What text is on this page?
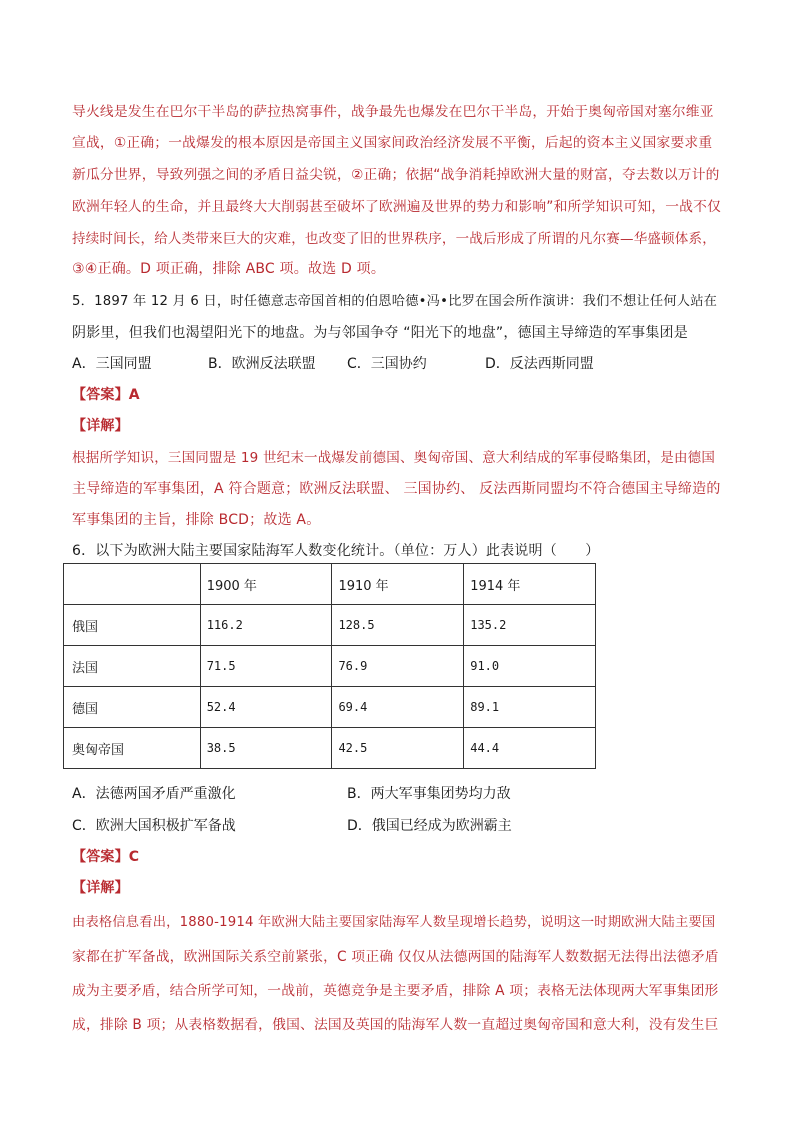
导火线是发生在巴尔干半岛的萨拉热窝事件，战争最先也爆发在巴尔干半岛，开始于奥匈帝国对塞尔维亚
宣战，①正确；一战爆发的根本原因是帝国主义国家间政治经济发展不平衡，后起的资本主义国家要求重
新瓜分世界，导致列强之间的矛盾日益尖锐，②正确；依据“战争消耗掉欧洲大量的财富，夺去数以万计的
欧洲年轻人的生命，并且最终大大削弱甚至破坏了欧洲遍及世界的势力和影响”和所学知识可知，一战不仅
持续时间长，给人类带来巨大的灾难，也改变了旧的世界秩序，一战后形成了所谓的凡尔赛—华盛顿体系，
③④正确。D 项正确，排除 ABC 项。故选 D 项。
5．1897 年 12 月 6 日，时任德意志帝国首相的伯恩哈德•冯•比罗在国会所作演讲：我们不想让任何人站在
阴影里，但我们也渴望阳光下的地盘。为与邻国争夺 “阳光下的地盘”，德国主导缔造的军事集团是
A．三国同盟	B．欧洲反法联盟 C．三国协约	D．反法西斯同盟
【答案】A
【详解】
根据所学知识，三国同盟是 19 世纪末一战爆发前德国、奥匈帝国、意大利结成的军事侵略集团，是由德国
主导缔造的军事集团，A 符合题意；欧洲反法联盟、 三国协约、 反法西斯同盟均不符合德国主导缔造的
军事集团的主旨，排除 BCD；故选 A。
6．以下为欧洲大陆主要国家陆海军人数变化统计。（单位：万人）此表说明（　　）
	1900 年	1910 年	1914 年
俄国	116.2	128.5	135.2
法国	71.5	76.9	91.0
德国	52.4	69.4	89.1
奥匈帝国	38.5	42.5	44.4
A．法德两国矛盾严重激化	B．两大军事集团势均力敌
C．欧洲大国积极扩军备战	D．俄国已经成为欧洲霸主
【答案】C
【详解】
由表格信息看出，1880-1914 年欧洲大陆主要国家陆海军人数呈现增长趋势，说明这一时期欧洲大陆主要国
家都在扩军备战，欧洲国际关系空前紧张，C 项正确 仅仅从法德两国的陆海军人数数据无法得出法德矛盾
成为主要矛盾，结合所学可知，一战前，英德竞争是主要矛盾，排除 A 项；表格无法体现两大军事集团形
成，排除 B 项；从表格数据看，俄国、法国及英国的陆海军人数一直超过奥匈帝国和意大利，没有发生巨
